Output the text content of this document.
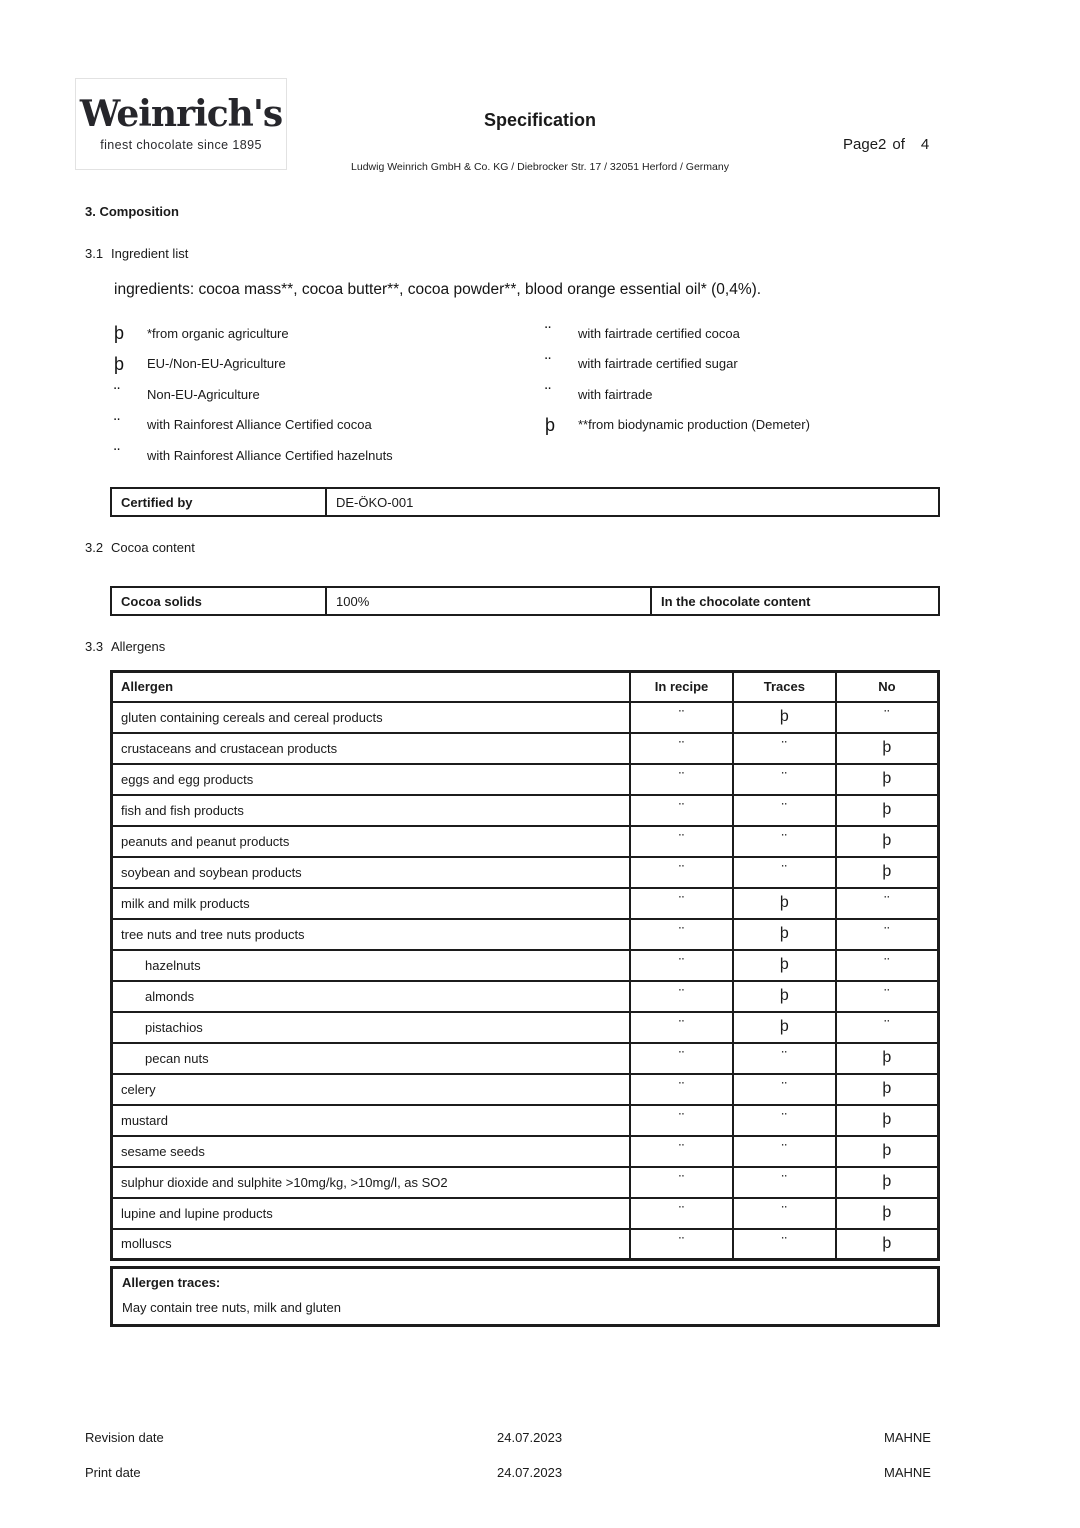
Weinrich's
finest chocolate since 1895
Specification
Page2 of 4
Ludwig Weinrich GmbH & Co. KG / Diebrocker Str. 17 / 32051 Herford / Germany
3. Composition
3.1 Ingredient list
ingredients: cocoa mass**, cocoa butter**, cocoa powder**, blood orange essential oil* (0,4%).
þ	*from organic agriculture
þ	EU-/Non-EU-Agriculture
¨	Non-EU-Agriculture
¨	with Rainforest Alliance Certified cocoa
¨	with Rainforest Alliance Certified hazelnuts
¨	with fairtrade certified cocoa
¨	with fairtrade certified sugar
¨	with fairtrade
þ	**from biodynamic production (Demeter)
Certified by	DE-ÖKO-001
3.2 Cocoa content
Cocoa solids	100%	In the chocolate content
3.3 Allergens
Allergen	In recipe	Traces	No
gluten containing cereals and cereal products	¨	þ	¨
crustaceans and crustacean products	¨	¨	þ
eggs and egg products	¨	¨	þ
fish and fish products	¨	¨	þ
peanuts and peanut products	¨	¨	þ
soybean and soybean products	¨	¨	þ
milk and milk products	¨	þ	¨
tree nuts and tree nuts products	¨	þ	¨
hazelnuts	¨	þ	¨
almonds	¨	þ	¨
pistachios	¨	þ	¨
pecan nuts	¨	¨	þ
celery	¨	¨	þ
mustard	¨	¨	þ
sesame seeds	¨	¨	þ
sulphur dioxide and sulphite >10mg/kg, >10mg/l, as SO2	¨	¨	þ
lupine and lupine products	¨	¨	þ
molluscs	¨	¨	þ
Allergen traces:
May contain tree nuts, milk and gluten
Revision date	24.07.2023	MAHNE
Print date	24.07.2023	MAHNE
